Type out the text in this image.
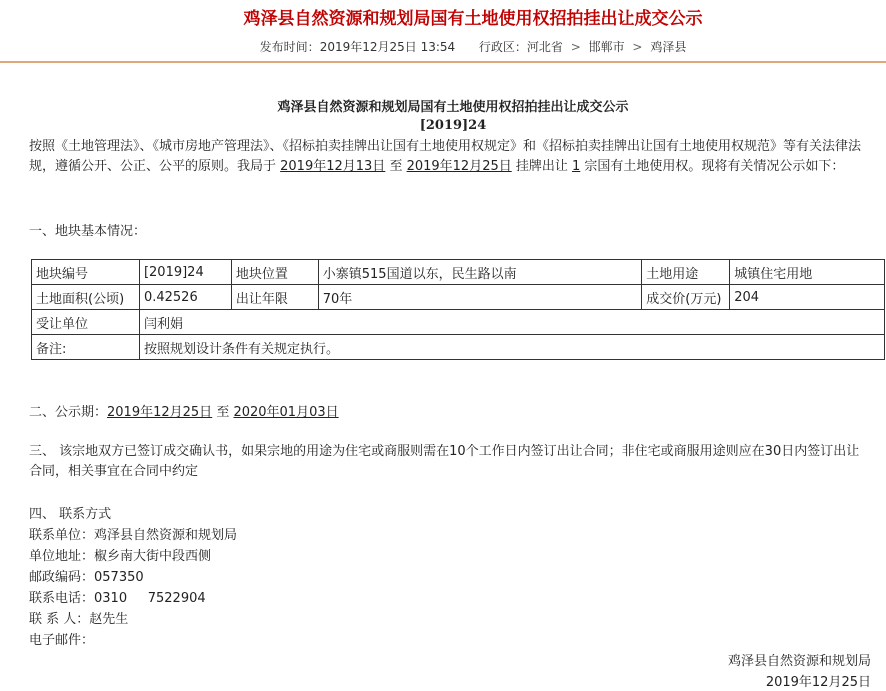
鸡泽县自然资源和规划局国有土地使用权招拍挂出让成交公示
发布时间：2019年12月25日 13:54 行政区：河北省 > 邯郸市 > 鸡泽县
鸡泽县自然资源和规划局国有土地使用权招拍挂出让成交公示
[2019]24
按照《土地管理法》、《城市房地产管理法》、《招标拍卖挂牌出让国有土地使用权规定》和《招标拍卖挂牌出让国有土地使用权规范》等有关法律法规，遵循公开、公正、公平的原则。我局于 2019年12月13日 至 2019年12月25日 挂牌出让 1 宗国有土地使用权。现将有关情况公示如下：
一、地块基本情况：
地块编号	[2019]24	地块位置	小寨镇515国道以东，民生路以南	土地用途	城镇住宅用地
土地面积(公顷)	0.42526	出让年限	70年	成交价(万元)	204
受让单位	闫利娟				
备注:	按照规划设计条件有关规定执行。				
二、公示期：2019年12月25日 至 2020年01月03日
三、 该宗地双方已签订成交确认书，如果宗地的用途为住宅或商服则需在10个工作日内签订出让合同；非住宅或商服用途则应在30日内签订出让合同，相关事宜在合同中约定
四、 联系方式
联系单位：鸡泽县自然资源和规划局
单位地址：椒乡南大街中段西侧
邮政编码：057350
联系电话：0310     7522904
联 系 人：赵先生
电子邮件：
鸡泽县自然资源和规划局
2019年12月25日
